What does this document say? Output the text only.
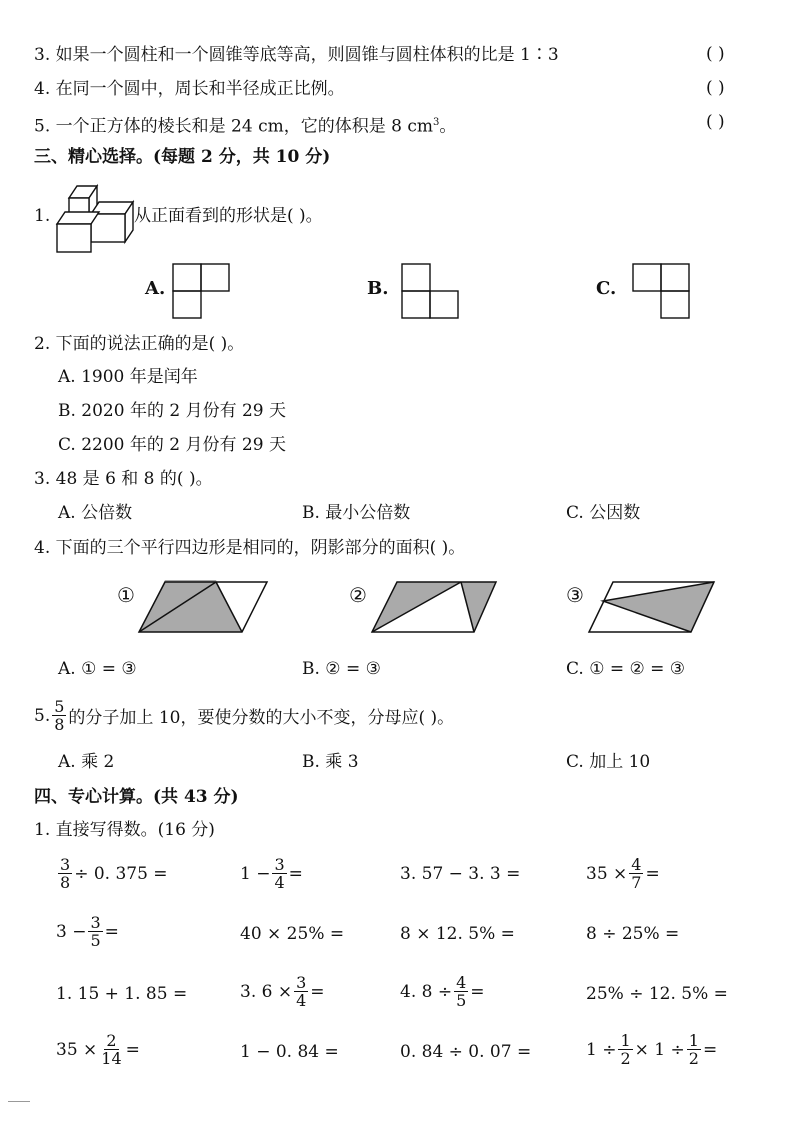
3. 如果一个圆柱和一个圆锥等底等高，则圆锥与圆柱体积的比是 1∶3	( )
4. 在同一个圆中，周长和半径成正比例。	( )
5. 一个正方体的棱长和是 24 cm，它的体积是 8 $cm^3$。	( )
三、精心选择。(每题 2 分，共 10 分)
1.	从正面看到的形状是( )。
A.	B.	C.
2. 下面的说法正确的是( )。
A. 1900 年是闰年
B. 2020 年的 2 月份有 29 天
C. 2200 年的 2 月份有 29 天
3. 48 是 6 和 8 的( )。
A. 公倍数	B. 最小公倍数	C. 公因数
4. 下面的三个平行四边形是相同的，阴影部分的面积( )。
①	②	③
A. ① = ③	B. ② = ③	C. ① = ② = ③
5. $\frac{5}{8}$ 的分子加上 10，要使分数的大小不变，分母应( )。
A. 乘 2	B. 乘 3	C. 加上 10
四、专心计算。(共 43 分)
1. 直接写得数。(16 分)
$\frac{3}{8} \div 0$. 375 =	$1 - \frac{3}{4}$ =	3. 57 − 3. 3 =	$35 \times \frac{4}{7}$ =
$3 - \frac{3}{5}$ =	40 × 25% =	8 × 12. 5% =	8 ÷ 25% =
1. 15 + 1. 85 =	3. $6 \times \frac{3}{4}$ =	4. $8 \div \frac{4}{5}$ =	25% ÷ 12. 5% =
$35 \times \frac{2}{14}$ =	1 − 0. 84 =	0. 84 ÷ 0. 07 =	$1 \div \frac{1}{2} \times 1 \div \frac{1}{2}$ =
